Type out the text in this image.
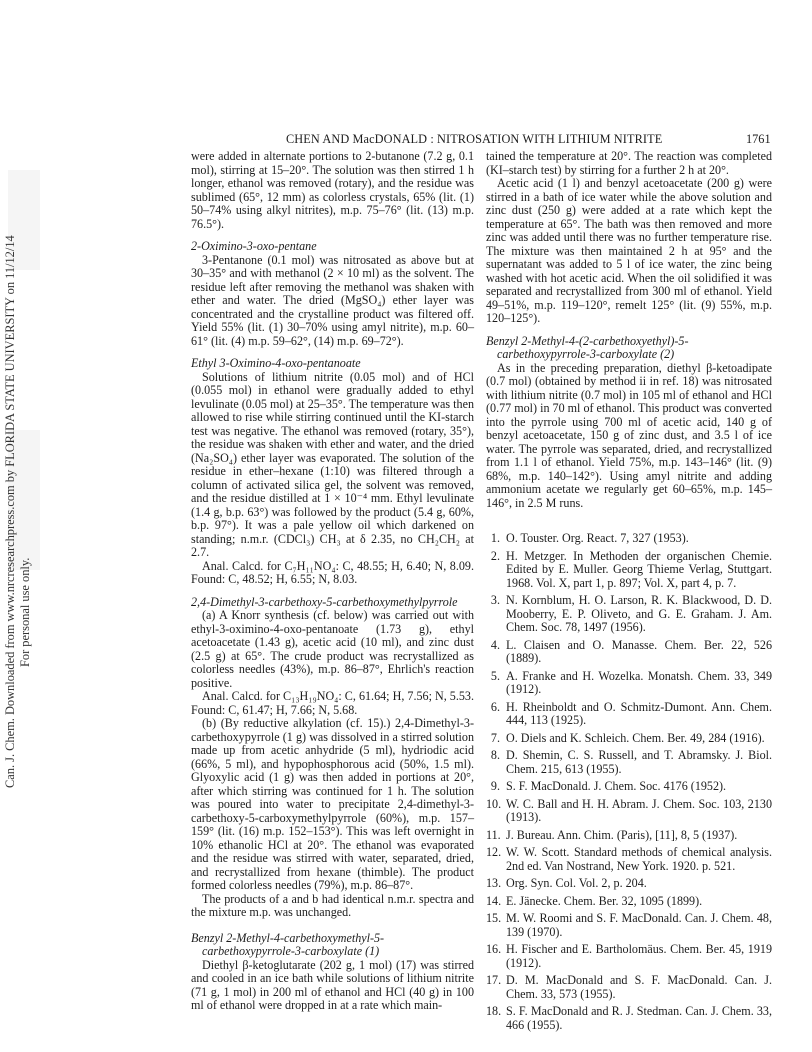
Can. J. Chem. Downloaded from www.nrcresearchpress.com by FLORIDA STATE UNIVERSITY on 11/12/14 For personal use only.
CHEN AND MacDONALD : NITROSATION WITH LITHIUM NITRITE	1761

were added in alternate portions to 2-butanone (7.2 g, 0.1 mol), stirring at 15–20°. The solution was then stirred 1 h longer, ethanol was removed (rotary), and the residue was sublimed (65°, 12 mm) as colorless crystals, 65% (lit. (1) 50–74% using alkyl nitrites), m.p. 75–76° (lit. (13) m.p. 76.5°).

2-Oximino-3-oxo-pentane

3-Pentanone (0.1 mol) was nitrosated as above but at 30–35° and with methanol (2 × 10 ml) as the solvent. The residue left after removing the methanol was shaken with ether and water. The dried (MgSO₄) ether layer was concentrated and the crystalline product was filtered off. Yield 55% (lit. (1) 30–70% using amyl nitrite), m.p. 60–61° (lit. (4) m.p. 59–62°, (14) m.p. 69–72°).

Ethyl 3-Oximino-4-oxo-pentanoate

Solutions of lithium nitrite (0.05 mol) and of HCl (0.055 mol) in ethanol were gradually added to ethyl levulinate (0.05 mol) at 25–35°. The temperature was then allowed to rise while stirring continued until the KI-starch test was negative. The ethanol was removed (rotary, 35°), the residue was shaken with ether and water, and the dried (Na₂SO₄) ether layer was evaporated. The solution of the residue in ether–hexane (1:10) was filtered through a column of activated silica gel, the solvent was removed, and the residue distilled at 1 × 10⁻⁴ mm. Ethyl levulinate (1.4 g, b.p. 63°) was followed by the product (5.4 g, 60%, b.p. 97°). It was a pale yellow oil which darkened on standing; n.m.r. (CDCl₃) CH₃ at δ 2.35, no CH₂CH₂ at 2.7.

Anal. Calcd. for C₇H₁₁NO₄: C, 48.55; H, 6.40; N, 8.09. Found: C, 48.52; H, 6.55; N, 8.03.

2,4-Dimethyl-3-carbethoxy-5-carbethoxymethylpyrrole

(a) A Knorr synthesis (cf. below) was carried out with ethyl-3-oximino-4-oxo-pentanoate (1.73 g), ethyl acetoacetate (1.43 g), acetic acid (10 ml), and zinc dust (2.5 g) at 65°. The crude product was recrystallized as colorless needles (43%), m.p. 86–87°, Ehrlich's reaction positive.

Anal. Calcd. for C₁₃H₁₉NO₄: C, 61.64; H, 7.56; N, 5.53. Found: C, 61.47; H, 7.66; N, 5.68.

(b) (By reductive alkylation (cf. 15).) 2,4-Dimethyl-3-carbethoxypyrrole (1 g) was dissolved in a stirred solution made up from acetic anhydride (5 ml), hydriodic acid (66%, 5 ml), and hypophosphorous acid (50%, 1.5 ml). Glyoxylic acid (1 g) was then added in portions at 20°, after which stirring was continued for 1 h. The solution was poured into water to precipitate 2,4-dimethyl-3-carbethoxy-5-carboxymethylpyrrole (60%), m.p. 157–159° (lit. (16) m.p. 152–153°). This was left overnight in 10% ethanolic HCl at 20°. The ethanol was evaporated and the residue was stirred with water, separated, dried, and recrystallized from hexane (thimble). The product formed colorless needles (79%), m.p. 86–87°.

The products of a and b had identical n.m.r. spectra and the mixture m.p. was unchanged.

Benzyl 2-Methyl-4-carbethoxymethyl-5-

carbethoxypyrrole-3-carboxylate (1)

Diethyl β-ketoglutarate (202 g, 1 mol) (17) was stirred and cooled in an ice bath while solutions of lithium nitrite (71 g, 1 mol) in 200 ml of ethanol and HCl (40 g) in 100 ml of ethanol were dropped in at a rate which main-

tained the temperature at 20°. The reaction was completed (KI–starch test) by stirring for a further 2 h at 20°.

Acetic acid (1 l) and benzyl acetoacetate (200 g) were stirred in a bath of ice water while the above solution and zinc dust (250 g) were added at a rate which kept the temperature at 65°. The bath was then removed and more zinc was added until there was no further temperature rise. The mixture was then maintained 2 h at 95° and the supernatant was added to 5 l of ice water, the zinc being washed with hot acetic acid. When the oil solidified it was separated and recrystallized from 300 ml of ethanol. Yield 49–51%, m.p. 119–120°, remelt 125° (lit. (9) 55%, m.p. 120–125°).

Benzyl 2-Methyl-4-(2-carbethoxyethyl)-5-

carbethoxypyrrole-3-carboxylate (2)

As in the preceding preparation, diethyl β-ketoadipate (0.7 mol) (obtained by method ii in ref. 18) was nitrosated with lithium nitrite (0.7 mol) in 105 ml of ethanol and HCl (0.77 mol) in 70 ml of ethanol. This product was converted into the pyrrole using 700 ml of acetic acid, 140 g of benzyl acetoacetate, 150 g of zinc dust, and 3.5 l of ice water. The pyrrole was separated, dried, and recrystallized from 1.1 l of ethanol. Yield 75%, m.p. 143–146° (lit. (9) 68%, m.p. 140–142°). Using amyl nitrite and adding ammonium acetate we regularly get 60–65%, m.p. 145–146°, in 2.5 M runs.

1. O. Touster. Org. React. 7, 327 (1953).
2. H. Metzger. In Methoden der organischen Chemie. Edited by E. Muller. Georg Thieme Verlag, Stuttgart. 1968. Vol. X, part 1, p. 897; Vol. X, part 4, p. 7.
3. N. Kornblum, H. O. Larson, R. K. Blackwood, D. D. Mooberry, E. P. Oliveto, and G. E. Graham. J. Am. Chem. Soc. 78, 1497 (1956).
4. L. Claisen and O. Manasse. Chem. Ber. 22, 526 (1889).
5. A. Franke and H. Wozelka. Monatsh. Chem. 33, 349 (1912).
6. H. Rheinboldt and O. Schmitz-Dumont. Ann. Chem. 444, 113 (1925).
7. O. Diels and K. Schleich. Chem. Ber. 49, 284 (1916).
8. D. Shemin, C. S. Russell, and T. Abramsky. J. Biol. Chem. 215, 613 (1955).
9. S. F. MacDonald. J. Chem. Soc. 4176 (1952).
10. W. C. Ball and H. H. Abram. J. Chem. Soc. 103, 2130 (1913).
11. J. Bureau. Ann. Chim. (Paris), [11], 8, 5 (1937).
12. W. W. Scott. Standard methods of chemical analysis. 2nd ed. Van Nostrand, New York. 1920. p. 521.
13. Org. Syn. Col. Vol. 2, p. 204.
14. E. Jänecke. Chem. Ber. 32, 1095 (1899).
15. M. W. Roomi and S. F. MacDonald. Can. J. Chem. 48, 139 (1970).
16. H. Fischer and E. Bartholomäus. Chem. Ber. 45, 1919 (1912).
17. D. M. MacDonald and S. F. MacDonald. Can. J. Chem. 33, 573 (1955).
18. S. F. MacDonald and R. J. Stedman. Can. J. Chem. 33, 466 (1955).
